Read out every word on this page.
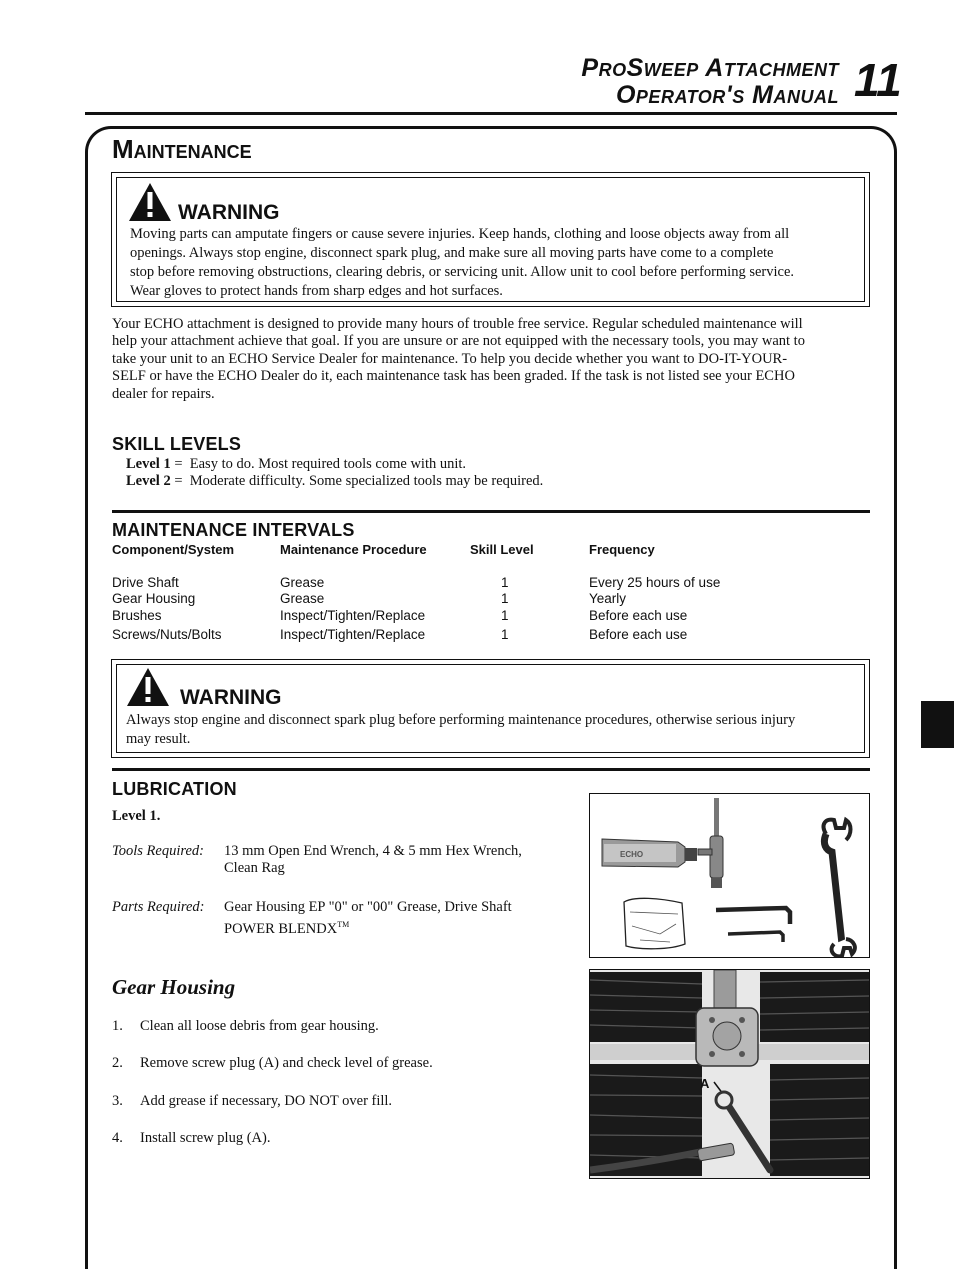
ProSweep Attachment
Operator's Manual 11
Maintenance
WARNING
Moving parts can amputate fingers or cause severe injuries. Keep hands, clothing and loose objects away from all
openings. Always stop engine, disconnect spark plug, and make sure all moving parts have come to a complete
stop before removing obstructions, clearing debris, or servicing unit. Allow unit to cool before performing service.
Wear gloves to protect hands from sharp edges and hot surfaces.
Your ECHO attachment is designed to provide many hours of trouble free service. Regular scheduled maintenance will
help your attachment achieve that goal. If you are unsure or are not equipped with the necessary tools, you may want to
take your unit to an ECHO Service Dealer for maintenance. To help you decide whether you want to DO-IT-YOUR-
SELF or have the ECHO Dealer do it, each maintenance task has been graded. If the task is not listed see your ECHO
dealer for repairs.
SKILL LEVELS
Level 1 = Easy to do. Most required tools come with unit.
Level 2 = Moderate difficulty. Some specialized tools may be required.
MAINTENANCE INTERVALS
Component/System	Maintenance Procedure	Skill Level	Frequency
Drive Shaft	Grease	1	Every 25 hours of use
Gear Housing	Grease	1	Yearly
Brushes	Inspect/Tighten/Replace	1	Before each use
Screws/Nuts/Bolts	Inspect/Tighten/Replace	1	Before each use
WARNING
Always stop engine and disconnect spark plug before performing maintenance procedures, otherwise serious injury
may result.
LUBRICATION
Level 1.
Tools Required: 13 mm Open End Wrench, 4 & 5 mm Hex Wrench,
Clean Rag
Parts Required: Gear Housing EP "0" or "00" Grease, Drive Shaft
POWER BLENDX™
ECHO
Gear Housing
1. Clean all loose debris from gear housing.
2. Remove screw plug (A) and check level of grease.
3. Add grease if necessary, DO NOT over fill.
4. Install screw plug (A).
A
